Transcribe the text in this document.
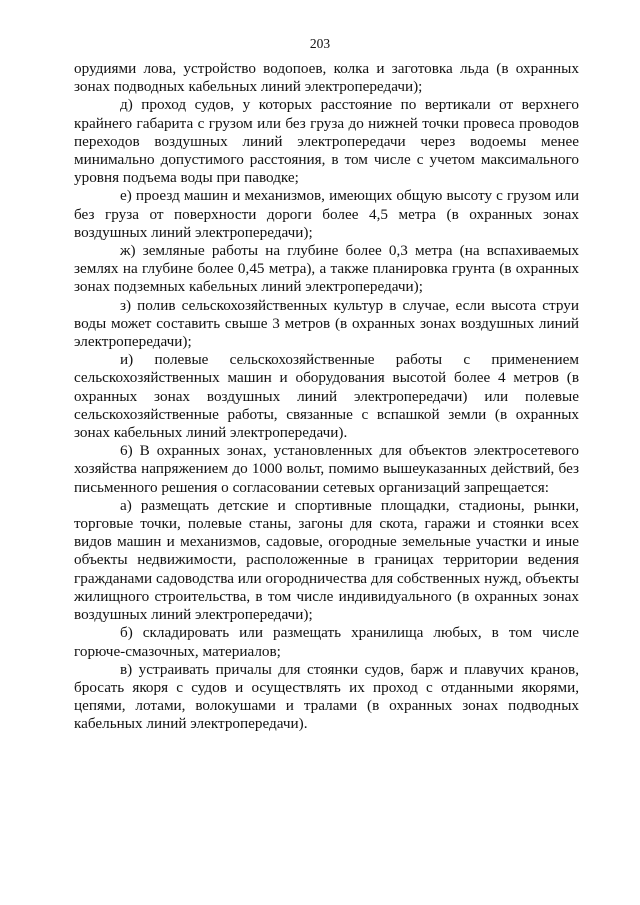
203

орудиями лова, устройство водопоев, колка и заготовка льда (в охранных зонах подводных кабельных линий электропередачи);

д) проход судов, у которых расстояние по вертикали от верхнего крайнего габарита с грузом или без груза до нижней точки провеса проводов переходов воздушных линий электропередачи через водоемы менее минимально допустимого расстояния, в том числе с учетом максимального уровня подъема воды при паводке;

е) проезд машин и механизмов, имеющих общую высоту с грузом или без груза от поверхности дороги более 4,5 метра (в охранных зонах воздушных линий электропередачи);

ж) земляные работы на глубине более 0,3 метра (на вспахиваемых землях на глубине более 0,45 метра), а также планировка грунта (в охранных зонах подземных кабельных линий электропередачи);

з) полив сельскохозяйственных культур в случае, если высота струи воды может составить свыше 3 метров (в охранных зонах воздушных линий электропередачи);

и) полевые сельскохозяйственные работы с применением сельскохозяйственных машин и оборудования высотой более 4 метров (в охранных зонах воздушных линий электропередачи) или полевые сельскохозяйственные работы, связанные с вспашкой земли (в охранных зонах кабельных линий электропередачи).

6) В охранных зонах, установленных для объектов электросетевого хозяйства напряжением до 1000 вольт, помимо вышеуказанных действий, без письменного решения о согласовании сетевых организаций запрещается:

а) размещать детские и спортивные площадки, стадионы, рынки, торговые точки, полевые станы, загоны для скота, гаражи и стоянки всех видов машин и механизмов, садовые, огородные земельные участки и иные объекты недвижимости, расположенные в границах территории ведения гражданами садоводства или огородничества для собственных нужд, объекты жилищного строительства, в том числе индивидуального (в охранных зонах воздушных линий электропередачи);

б) складировать или размещать хранилища любых, в том числе горюче-смазочных, материалов;

в) устраивать причалы для стоянки судов, барж и плавучих кранов, бросать якоря с судов и осуществлять их проход с отданными якорями, цепями, лотами, волокушами и тралами (в охранных зонах подводных кабельных линий электропередачи).
